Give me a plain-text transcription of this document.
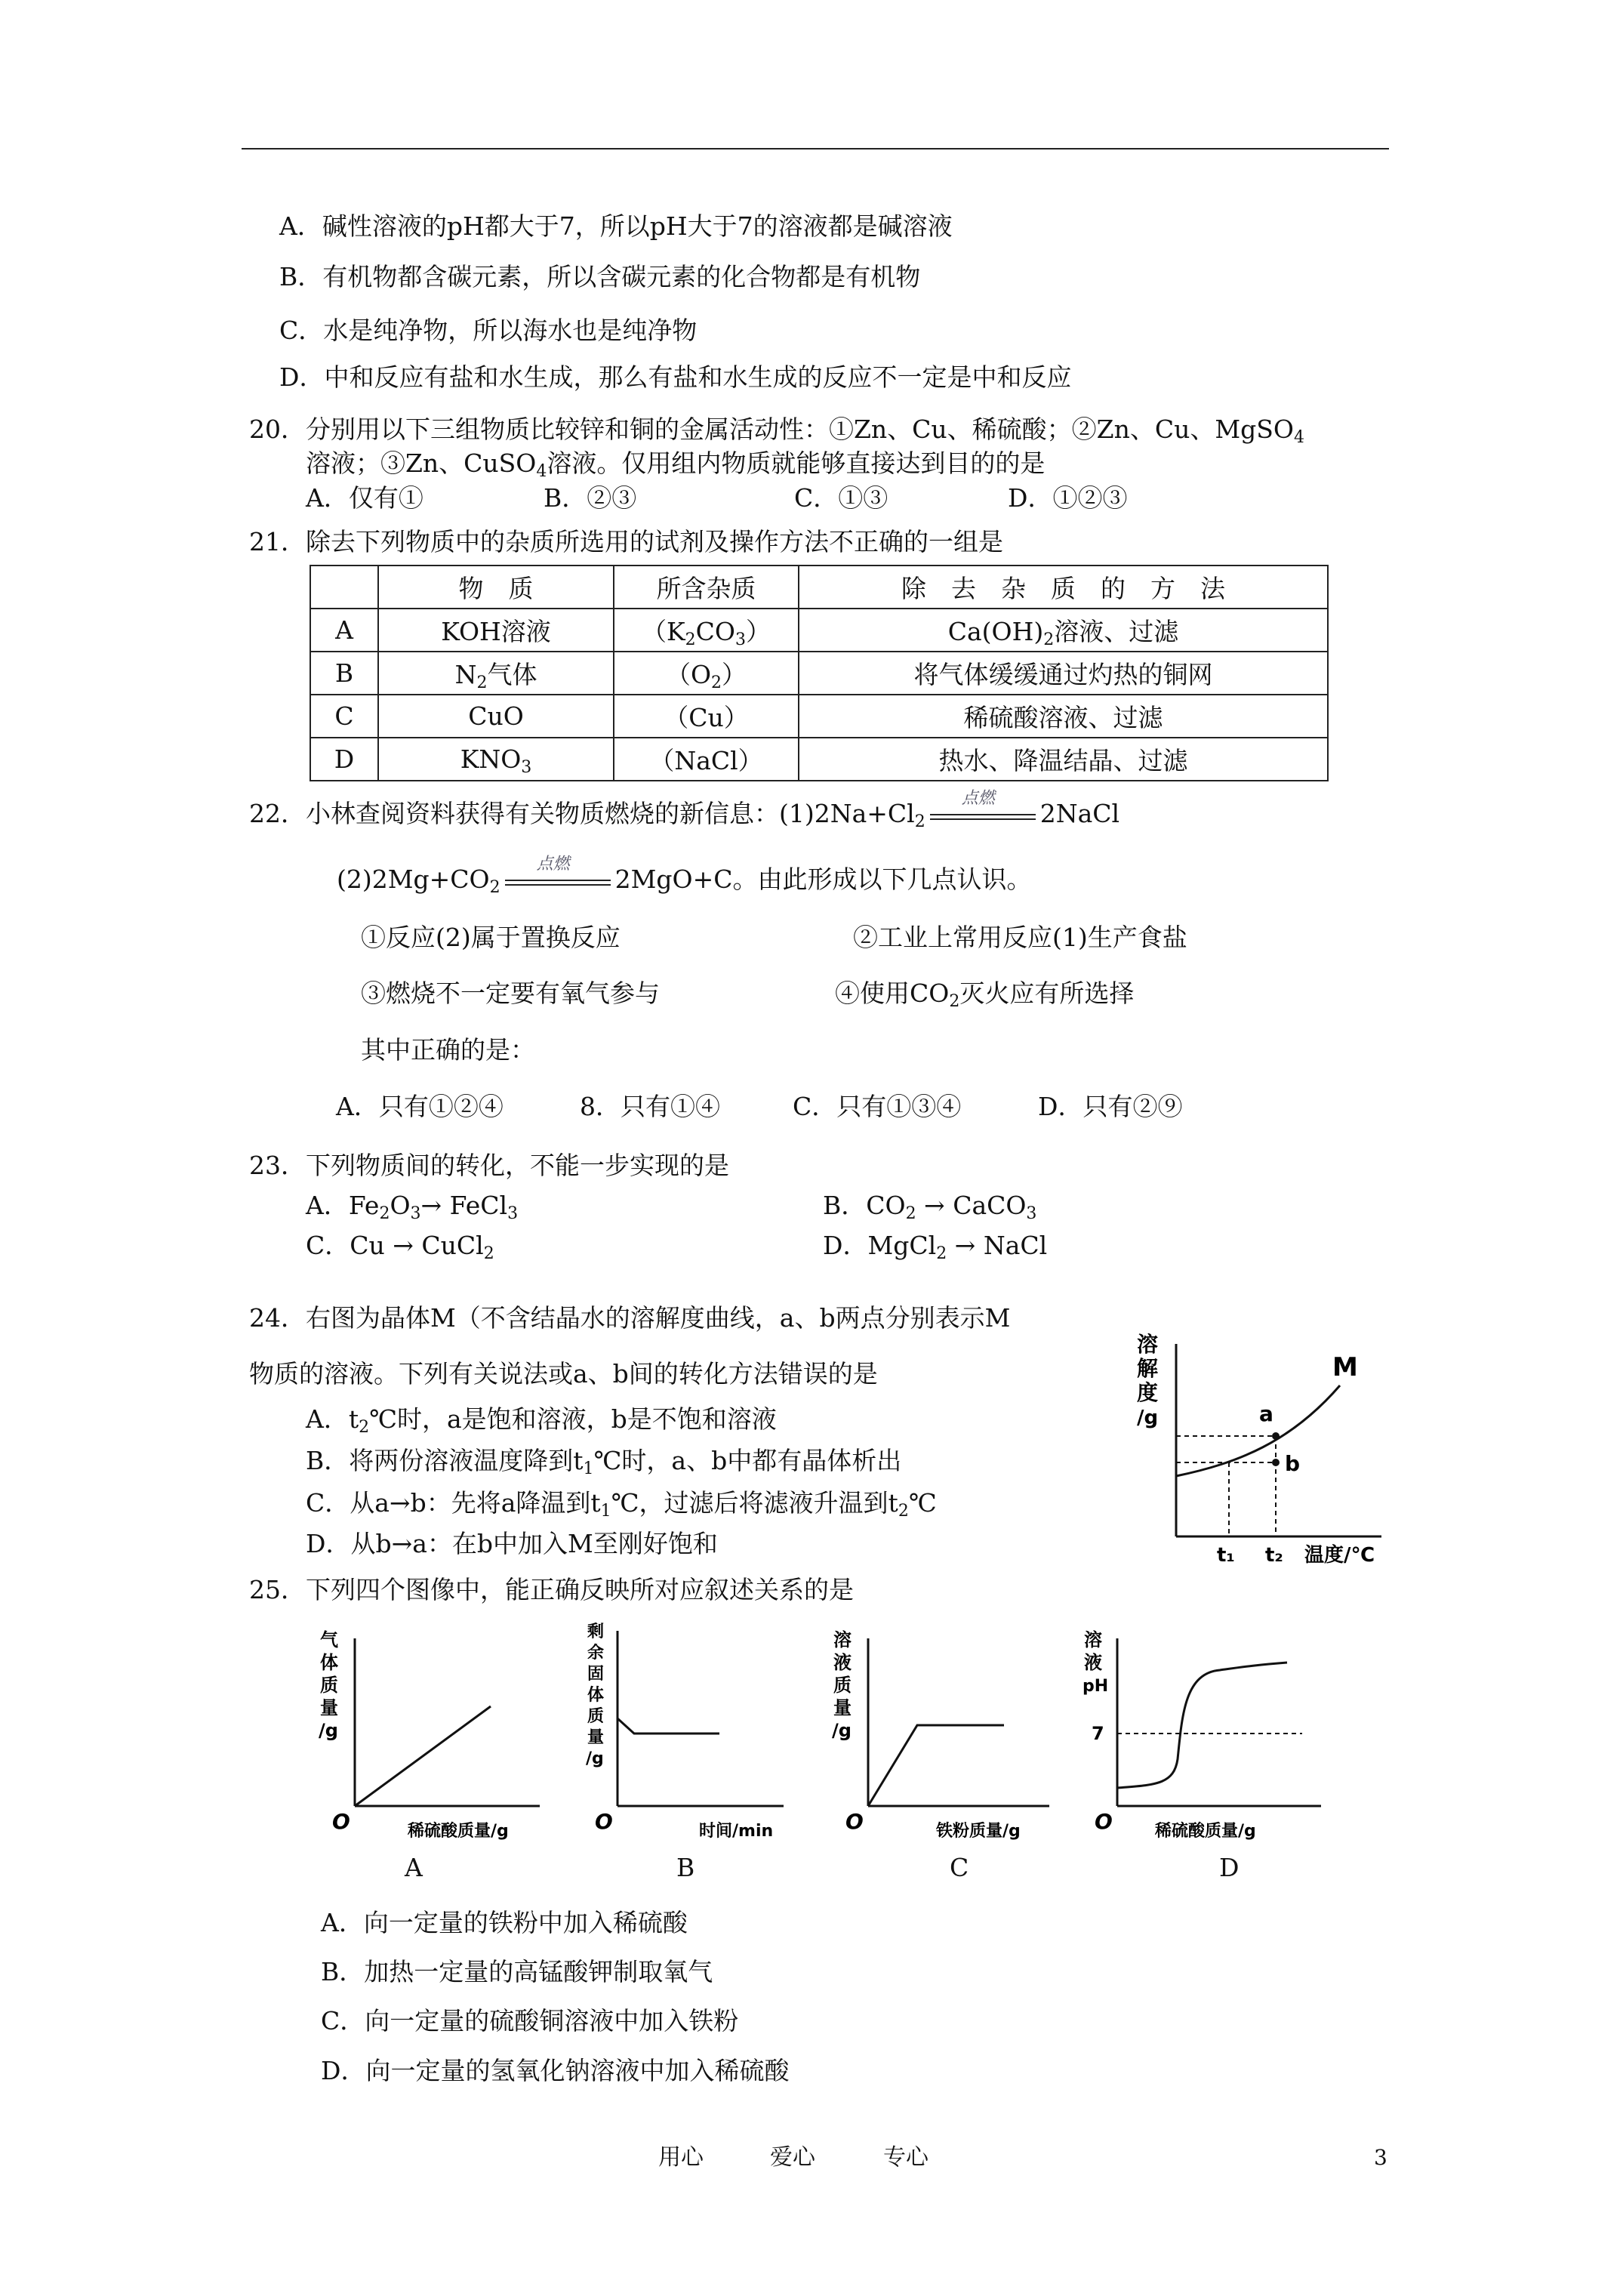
A．碱性溶液的pH都大于7，所以pH大于7的溶液都是碱溶液
B．有机物都含碳元素，所以含碳元素的化合物都是有机物
C．水是纯净物，所以海水也是纯净物
D．中和反应有盐和水生成，那么有盐和水生成的反应不一定是中和反应
20．分别用以下三组物质比较锌和铜的金属活动性：①Zn、Cu、稀硫酸；②Zn、Cu、MgSO$_4$
溶液；③Zn、CuSO$_4$溶液。仅用组内物质就能够直接达到目的的是
A．仅有①	B．②③	C．①③	D．①②③
21．除去下列物质中的杂质所选用的试剂及操作方法不正确的一组是
	物　质	所含杂质	除　去　杂　质　的　方　法
A	KOH溶液	$(K_2CO_3)$	$Ca(OH)_2$溶液、过滤
B	$N_2$气体	$(O_2)$	将气体缓缓通过灼热的铜网
C	CuO	（Cu）	稀硫酸溶液、过滤
D	$KNO_3$	（NaCl）	热水、降温结晶、过滤
22．小林查阅资料获得有关物质燃烧的新信息：$(1)2Na+Cl_2$
点燃
2NaCl
$(2)2Mg+CO_2$
点燃
2MgO+C。由此形成以下几点认识。
①反应(2)属于置换反应	②工业上常用反应(1)生产食盐
③燃烧不一定要有氧气参与	④使用$CO_2$灭火应有所选择
其中正确的是：
A．只有①②④	8．只有①④	C．只有①③④	D．只有②⑨
23．下列物质间的转化，不能一步实现的是
A．$Fe_2O_3\to$ FeCl$_3$	B．$CO_2$ → CaCO$_3$
C．Cu → CuCl$_2$	D．MgCl$_2$ → NaCl
24．右图为晶体M（不含结晶水的溶解度曲线，a、b两点分别表示M
物质的溶液。下列有关说法或a、b间的转化方法错误的是
A．$t_2℃$时，a是饱和溶液，b是不饱和溶液
B．将两份溶液温度降到$t_1℃$时，a、b中都有晶体析出
C．从a→b：先将a降温到$t_1℃$，过滤后将滤液升温到$t_2℃$
D．从b→a：在b中加入M至刚好饱和
溶
解
度
/g
M
a
b
t₁ t₂ 温度/℃
25．下列四个图像中，能正确反映所对应叙述关系的是
气
体
质
量
/g
O	稀硫酸质量/g
A
剩
余
固
体
质
量
/g
O	时间/min
B
溶
液
质
量
/g
O	铁粉质量/g
C
溶
液
pH
7
O	稀硫酸质量/g
D
A．向一定量的铁粉中加入稀硫酸
B．加热一定量的高锰酸钾制取氧气
C．向一定量的硫酸铜溶液中加入铁粉
D．向一定量的氢氧化钠溶液中加入稀硫酸
用心	爱心	专心	3
